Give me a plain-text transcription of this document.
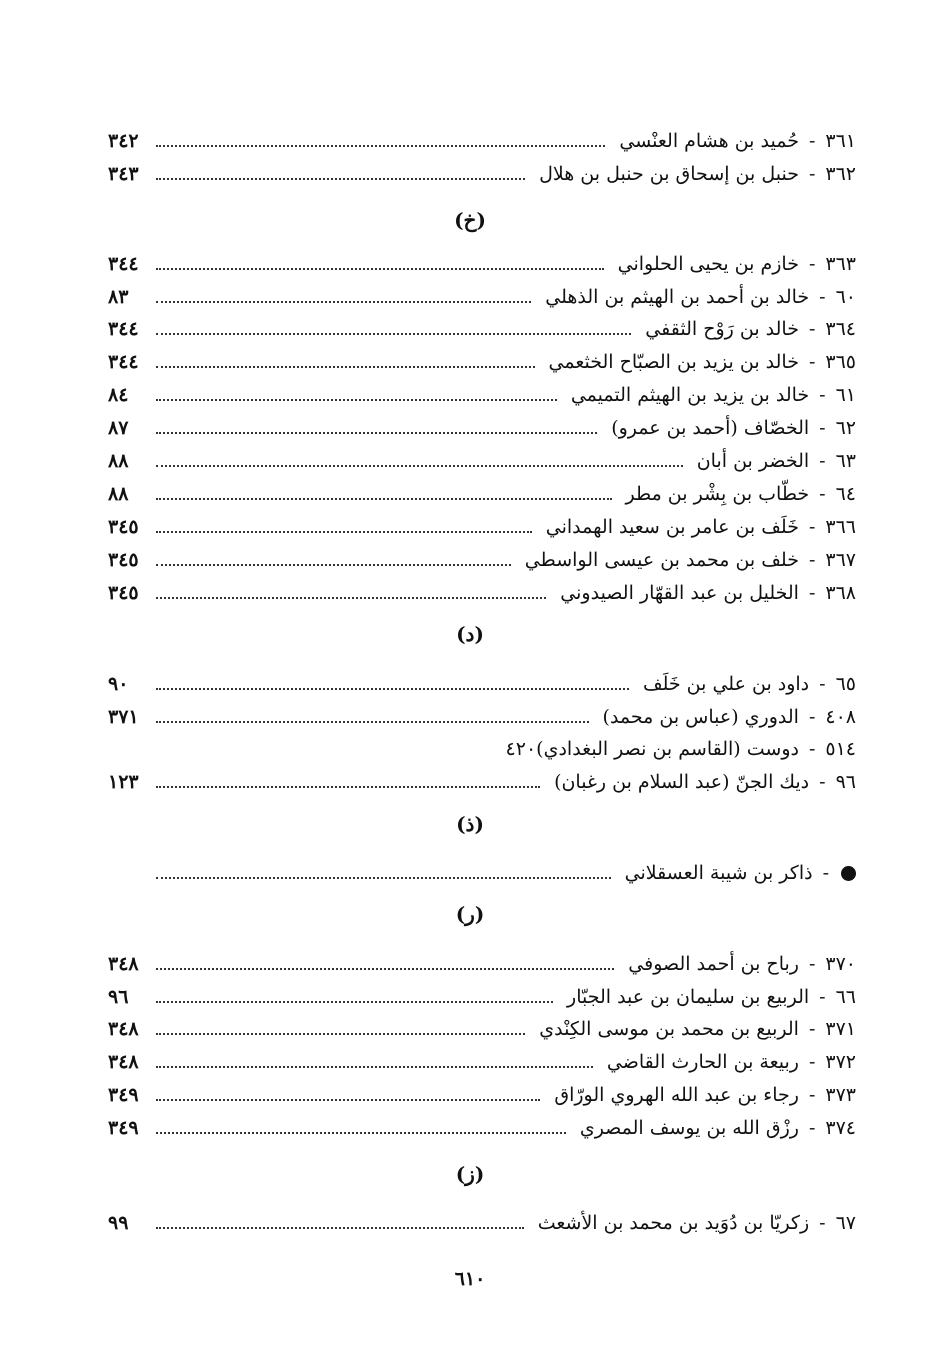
٣٦١
-
حُميد بن هشام العنْسي
٣٤٢
٣٦٢
-
حنبل بن إسحاق بن حنبل بن هلال
٣٤٣
(خ)
٣٦٣
-
خازم بن يحيى الحلواني
٣٤٤
٦٠
-
خالد بن أحمد بن الهيثم بن الذهلي
٨٣
٣٦٤
-
خالد بن رَوْح الثقفي
٣٤٤
٣٦٥
-
خالد بن يزيد بن الصبّاح الخثعمي
٣٤٤
٦١
-
خالد بن يزيد بن الهيثم التميمي
٨٤
٦٢
-
الخصّاف (أحمد بن عمرو)
٨٧
٦٣
-
الخضر بن أبان
٨٨
٦٤
-
خطّاب بن بِشْر بن مطر
٨٨
٣٦٦
-
خَلَف بن عامر بن سعيد الهمداني
٣٤٥
٣٦٧
-
خلف بن محمد بن عيسى الواسطي
٣٤٥
٣٦٨
-
الخليل بن عبد القهّار الصيدوني
٣٤٥
(د)
٦٥
-
داود بن علي بن خَلَف
٩٠
٤٠٨
-
الدوري (عباس بن محمد)
٣٧١
٥١٤
-
دوست (القاسم بن نصر البغدادي)٤٢٠
٩٦
-
ديك الجنّ (عبد السلام بن رغبان)
١٢٣
(ذ)
-
ذاكر بن شيبة العسقلاني
(ر)
٣٧٠
-
رباح بن أحمد الصوفي
٣٤٨
٦٦
-
الربيع بن سليمان بن عبد الجبّار
٩٦
٣٧١
-
الربيع بن محمد بن موسى الكِنْدي
٣٤٨
٣٧٢
-
ربيعة بن الحارث القاضي
٣٤٨
٣٧٣
-
رجاء بن عبد الله الهروي الورّاق
٣٤٩
٣٧٤
-
رزْق الله بن يوسف المصري
٣٤٩
(ز)
٦٧
-
زكريّا بن دُوَيد بن محمد بن الأشعث
٩٩
٦١٠
